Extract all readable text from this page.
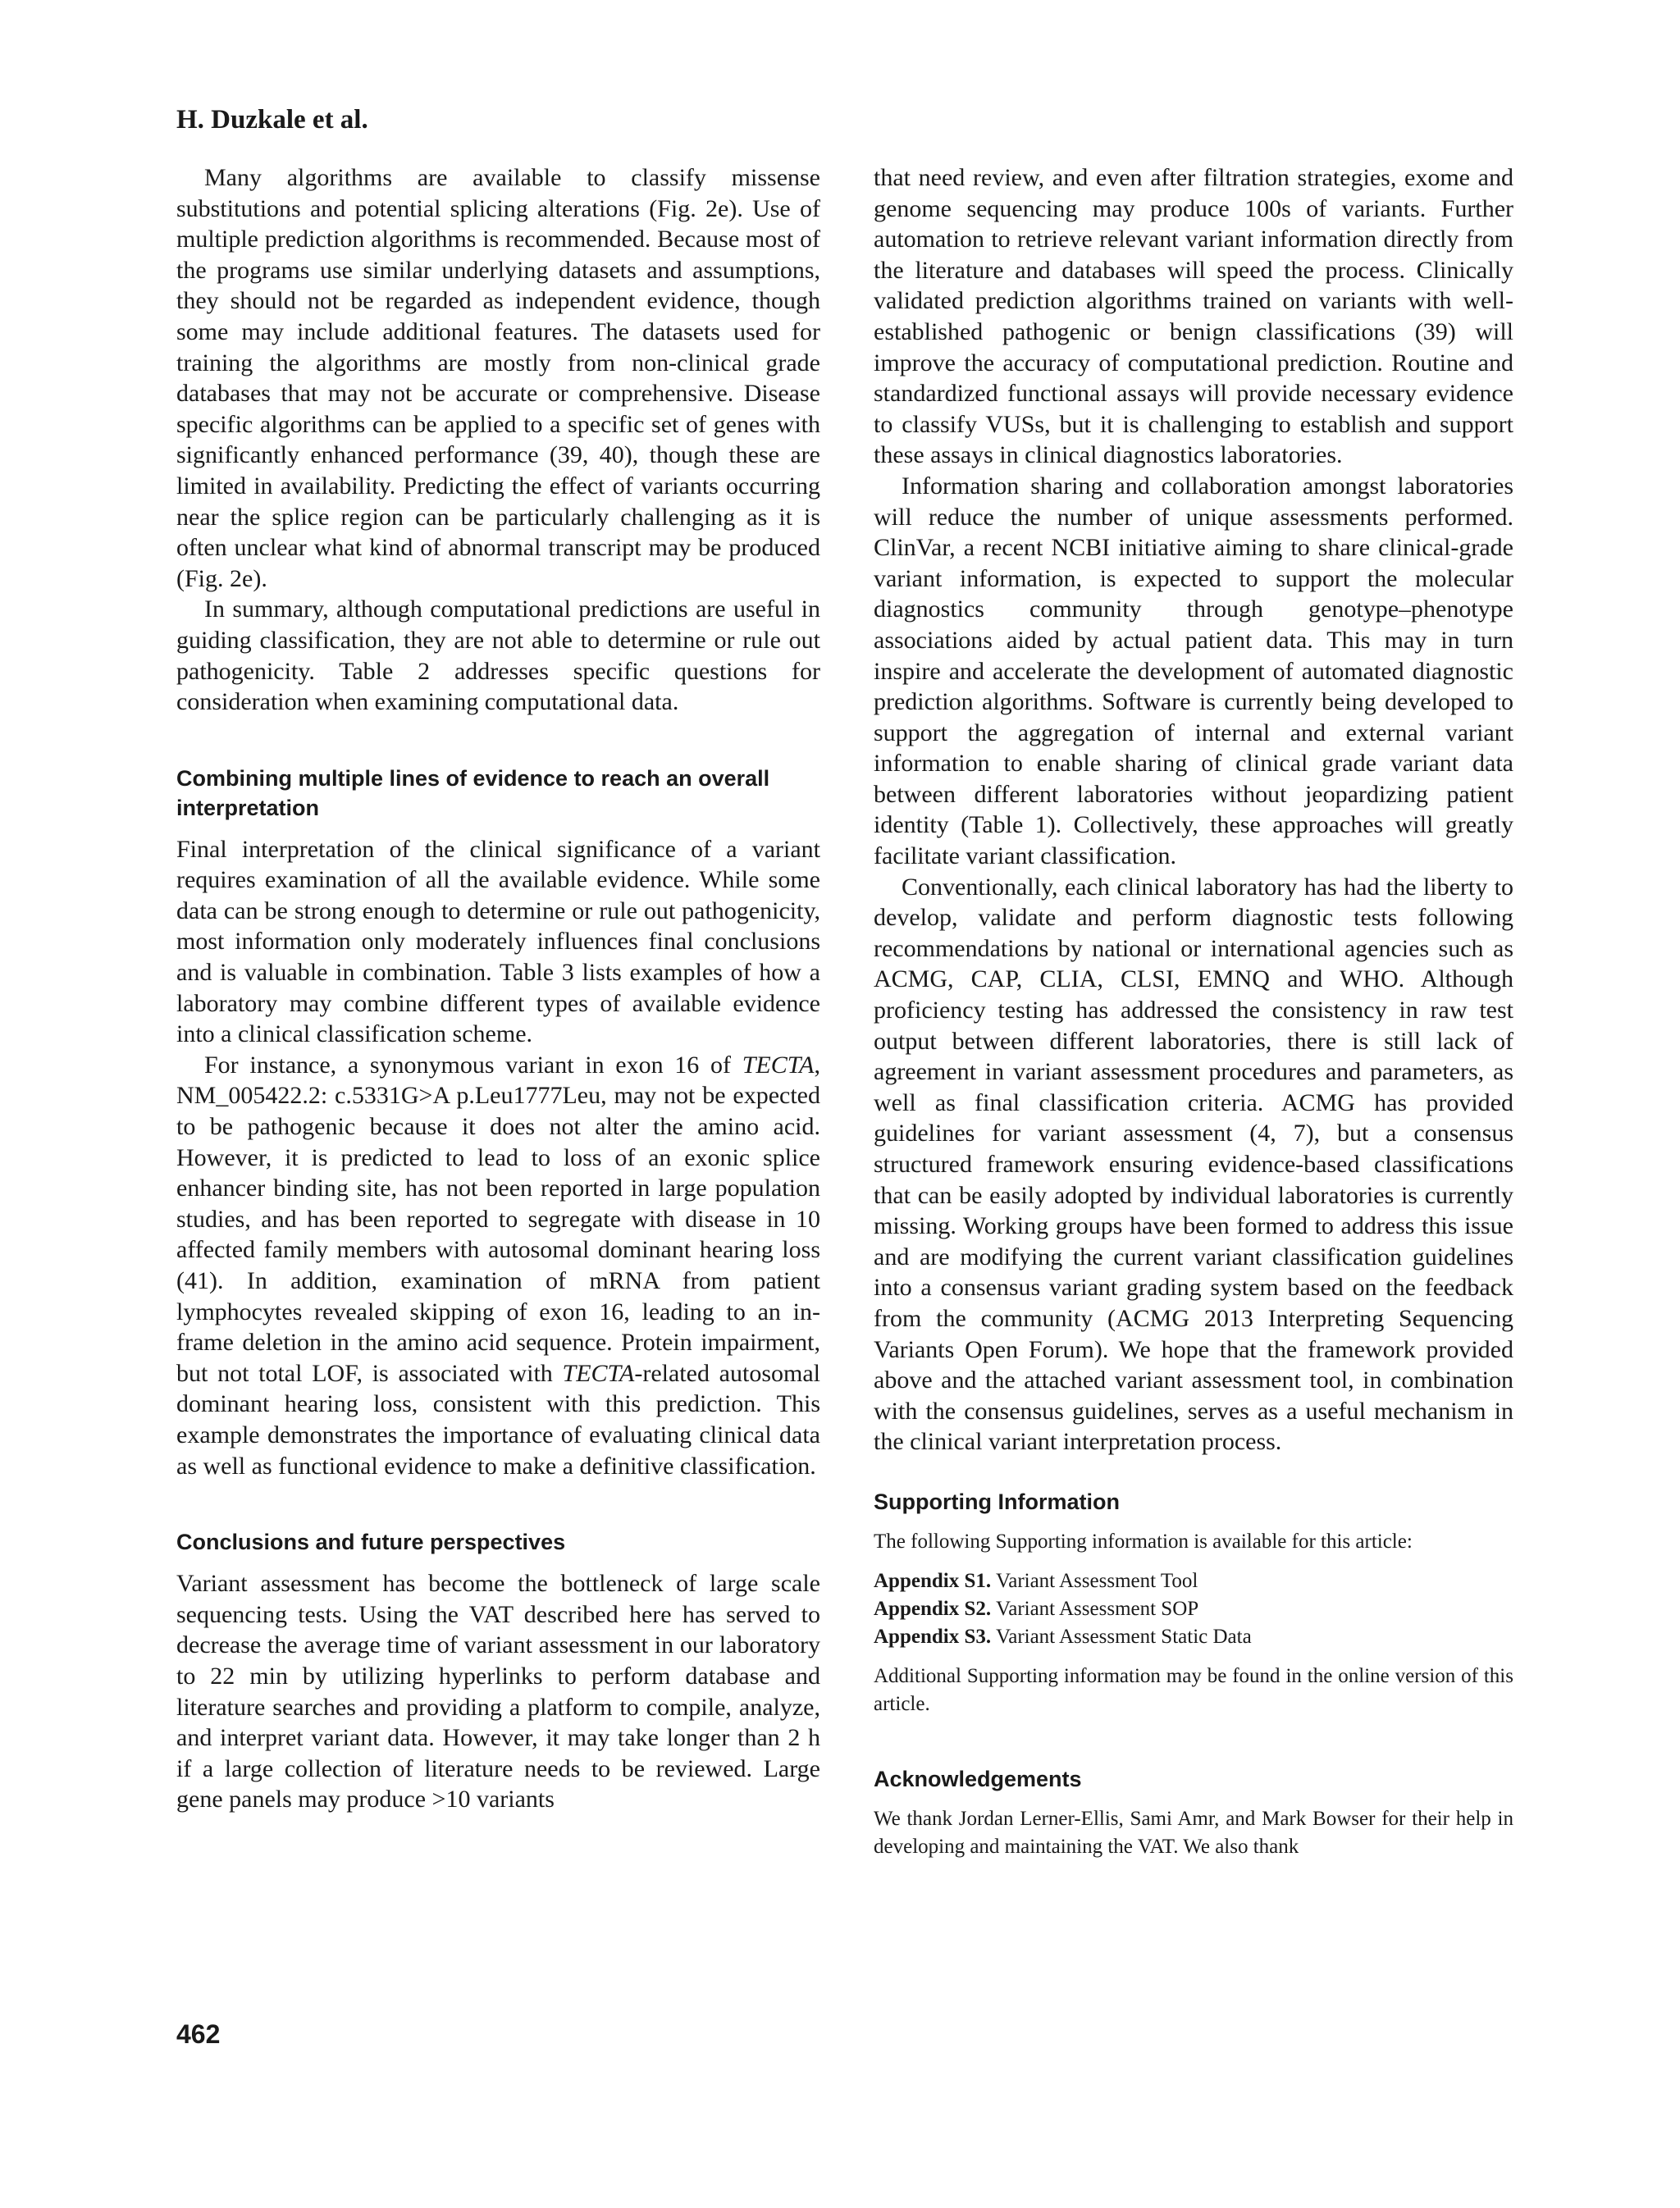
H. Duzkale et al.

Many algorithms are available to classify missense substitutions and potential splicing alterations (Fig. 2e). Use of multiple prediction algorithms is recommended. Because most of the programs use similar underlying datasets and assumptions, they should not be regarded as independent evidence, though some may include additional features. The datasets used for training the algorithms are mostly from non-clinical grade databases that may not be accurate or comprehensive. Disease specific algorithms can be applied to a specific set of genes with significantly enhanced performance (39, 40), though these are limited in availability. Predicting the effect of variants occurring near the splice region can be particularly challenging as it is often unclear what kind of abnormal transcript may be produced (Fig. 2e).

In summary, although computational predictions are useful in guiding classification, they are not able to determine or rule out pathogenicity. Table 2 addresses specific questions for consideration when examining computational data.

Combining multiple lines of evidence to reach an overall interpretation

Final interpretation of the clinical significance of a variant requires examination of all the available evidence. While some data can be strong enough to determine or rule out pathogenicity, most information only moderately influences final conclusions and is valuable in combination. Table 3 lists examples of how a laboratory may combine different types of available evidence into a clinical classification scheme.

For instance, a synonymous variant in exon 16 of TECTA, NM_005422.2: c.5331G>A p.Leu1777Leu, may not be expected to be pathogenic because it does not alter the amino acid. However, it is predicted to lead to loss of an exonic splice enhancer binding site, has not been reported in large population studies, and has been reported to segregate with disease in 10 affected family members with autosomal dominant hearing loss (41). In addition, examination of mRNA from patient lymphocytes revealed skipping of exon 16, leading to an in-frame deletion in the amino acid sequence. Protein impairment, but not total LOF, is associated with TECTA-related autosomal dominant hearing loss, consistent with this prediction. This example demonstrates the importance of evaluating clinical data as well as functional evidence to make a definitive classification.

Conclusions and future perspectives

Variant assessment has become the bottleneck of large scale sequencing tests. Using the VAT described here has served to decrease the average time of variant assessment in our laboratory to 22 min by utilizing hyperlinks to perform database and literature searches and providing a platform to compile, analyze, and interpret variant data. However, it may take longer than 2 h if a large collection of literature needs to be reviewed. Large gene panels may produce >10 variants

that need review, and even after filtration strategies, exome and genome sequencing may produce 100s of variants. Further automation to retrieve relevant variant information directly from the literature and databases will speed the process. Clinically validated prediction algorithms trained on variants with well-established pathogenic or benign classifications (39) will improve the accuracy of computational prediction. Routine and standardized functional assays will provide necessary evidence to classify VUSs, but it is challenging to establish and support these assays in clinical diagnostics laboratories.

Information sharing and collaboration amongst laboratories will reduce the number of unique assessments performed. ClinVar, a recent NCBI initiative aiming to share clinical-grade variant information, is expected to support the molecular diagnostics community through genotype–phenotype associations aided by actual patient data. This may in turn inspire and accelerate the development of automated diagnostic prediction algorithms. Software is currently being developed to support the aggregation of internal and external variant information to enable sharing of clinical grade variant data between different laboratories without jeopardizing patient identity (Table 1). Collectively, these approaches will greatly facilitate variant classification.

Conventionally, each clinical laboratory has had the liberty to develop, validate and perform diagnostic tests following recommendations by national or international agencies such as ACMG, CAP, CLIA, CLSI, EMNQ and WHO. Although proficiency testing has addressed the consistency in raw test output between different laboratories, there is still lack of agreement in variant assessment procedures and parameters, as well as final classification criteria. ACMG has provided guidelines for variant assessment (4, 7), but a consensus structured framework ensuring evidence-based classifications that can be easily adopted by individual laboratories is currently missing. Working groups have been formed to address this issue and are modifying the current variant classification guidelines into a consensus variant grading system based on the feedback from the community (ACMG 2013 Interpreting Sequencing Variants Open Forum). We hope that the framework provided above and the attached variant assessment tool, in combination with the consensus guidelines, serves as a useful mechanism in the clinical variant interpretation process.

Supporting Information

The following Supporting information is available for this article:

Appendix S1. Variant Assessment Tool
Appendix S2. Variant Assessment SOP
Appendix S3. Variant Assessment Static Data

Additional Supporting information may be found in the online version of this article.

Acknowledgements

We thank Jordan Lerner-Ellis, Sami Amr, and Mark Bowser for their help in developing and maintaining the VAT. We also thank

462
